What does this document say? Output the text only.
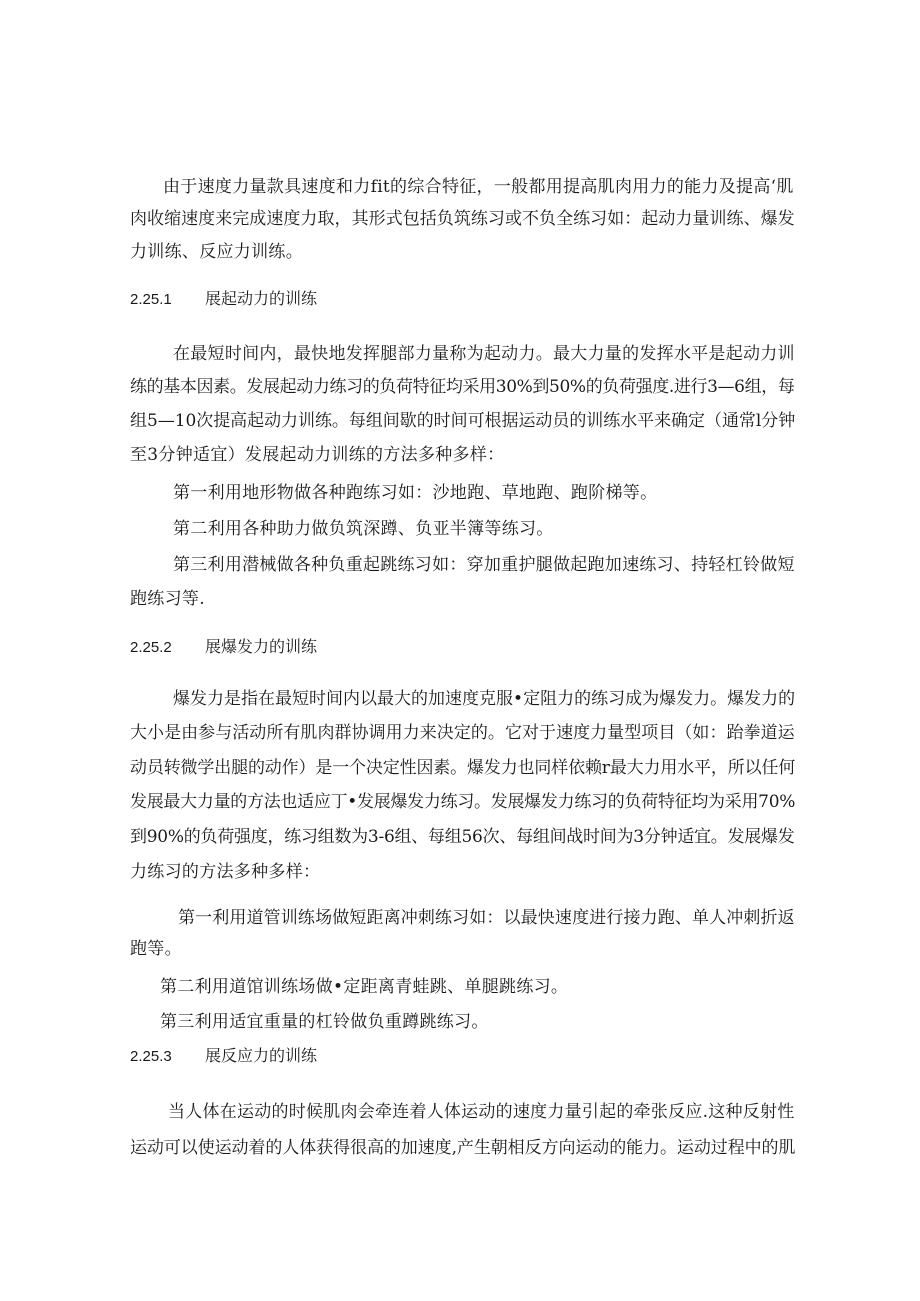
由于速度力量款具速度和力fit的综合特征，一般都用提高肌肉用力的能力及提高‘肌

肉收缩速度来完成速度力取，其形式包括负筑练习或不负全练习如：起动力量训练、爆发

力训练、反应力训练。

2.25.1 展起动力的训练

在最短时间内，最快地发挥腿部力量称为起动力。最大力量的发挥水平是起动力训

练的基本因素。发展起动力练习的负荷特征均采用30%到50%的负荷强度.进行3—6组，每

组5—10次提高起动力训练。每组间歇的时间可根据运动员的训练水平来确定（通常l分钟

至3分钟适宜）发展起动力训练的方法多种多样：

第一利用地形物做各种跑练习如：沙地跑、草地跑、跑阶梯等。

第二利用各种助力做负筑深蹲、负亚半簿等练习。

第三利用潜械做各种负重起跳练习如：穿加重护腿做起跑加速练习、持轻杠铃做短

跑练习等.

2.25.2 展爆发力的训练

爆发力是指在最短时间内以最大的加速度克服•定阻力的练习成为爆发力。爆发力的

大小是由参与活动所有肌肉群协调用力来决定的。它对于速度力量型项目（如：跆拳道运

动员转微学出腿的动作）是一个决定性因素。爆发力也同样依赖r最大力用水平，所以任何

发展最大力量的方法也适应丁•发展爆发力练习。发展爆发力练习的负荷特征均为采用70%

到90%的负荷强度，练习组数为3-6组、每组56次、每组间战时间为3分钟适宜。发展爆发

力练习的方法多种多样：

第一利用道管训练场做短距离冲刺练习如：以最快速度进行接力跑、单人冲刺折返

跑等。

第二利用道馆训练场做•定距离青蛙跳、单腿跳练习。

第三利用适宜重量的杠铃做负重蹲跳练习。

2.25.3 展反应力的训练

当人体在运动的时候肌肉会牵连着人体运动的速度力量引起的牵张反应.这种反射性

运动可以使运动着的人体获得很高的加速度,产生朝相反方向运动的能力。运动过程中的肌
